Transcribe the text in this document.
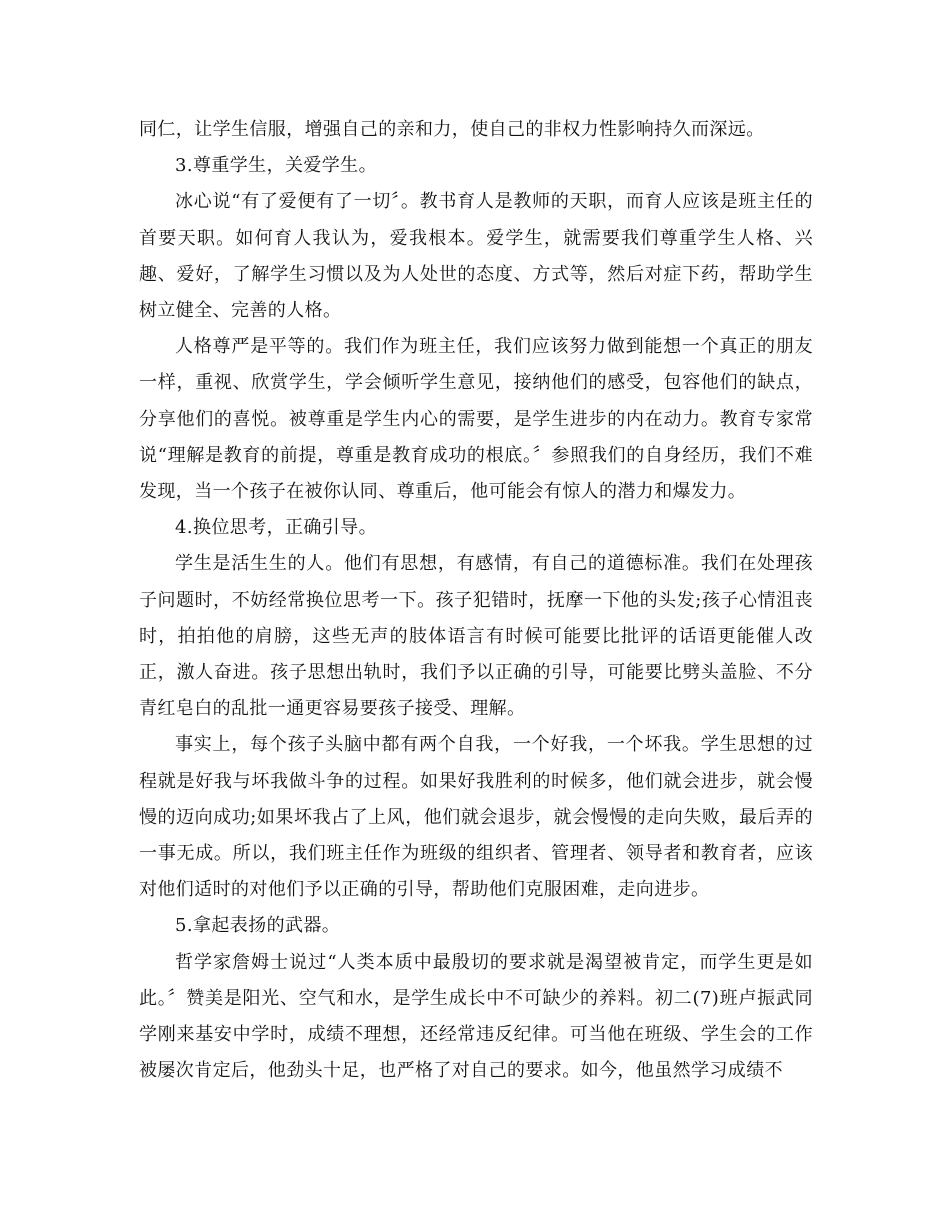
同仁，让学生信服，增强自己的亲和力，使自己的非权力性影响持久而深远。

3.尊重学生，关爱学生。

冰心说“有了爱便有了一切〞。教书育人是教师的天职，而育人应该是班主任的首要天职。如何育人我认为，爱我根本。爱学生，就需要我们尊重学生人格、兴趣、爱好，了解学生习惯以及为人处世的态度、方式等，然后对症下药，帮助学生树立健全、完善的人格。

人格尊严是平等的。我们作为班主任，我们应该努力做到能想一个真正的朋友一样，重视、欣赏学生，学会倾听学生意见，接纳他们的感受，包容他们的缺点，分享他们的喜悦。被尊重是学生内心的需要，是学生进步的内在动力。教育专家常说“理解是教育的前提，尊重是教育成功的根底。〞参照我们的自身经历，我们不难发现，当一个孩子在被你认同、尊重后，他可能会有惊人的潜力和爆发力。

4.换位思考，正确引导。

学生是活生生的人。他们有思想，有感情，有自己的道德标准。我们在处理孩子问题时，不妨经常换位思考一下。孩子犯错时，抚摩一下他的头发;孩子心情沮丧时，拍拍他的肩膀，这些无声的肢体语言有时候可能要比批评的话语更能催人改正，激人奋进。孩子思想出轨时，我们予以正确的引导，可能要比劈头盖脸、不分青红皂白的乱批一通更容易要孩子接受、理解。

事实上，每个孩子头脑中都有两个自我，一个好我，一个坏我。学生思想的过程就是好我与坏我做斗争的过程。如果好我胜利的时候多，他们就会进步，就会慢慢的迈向成功;如果坏我占了上风，他们就会退步，就会慢慢的走向失败，最后弄的一事无成。所以，我们班主任作为班级的组织者、管理者、领导者和教育者，应该对他们适时的对他们予以正确的引导，帮助他们克服困难，走向进步。

5.拿起表扬的武器。

哲学家詹姆士说过“人类本质中最殷切的要求就是渴望被肯定，而学生更是如此。〞赞美是阳光、空气和水，是学生成长中不可缺少的养料。初二(7)班卢振武同学刚来基安中学时，成绩不理想，还经常违反纪律。可当他在班级、学生会的工作被屡次肯定后，他劲头十足，也严格了对自己的要求。如今，他虽然学习成绩不
